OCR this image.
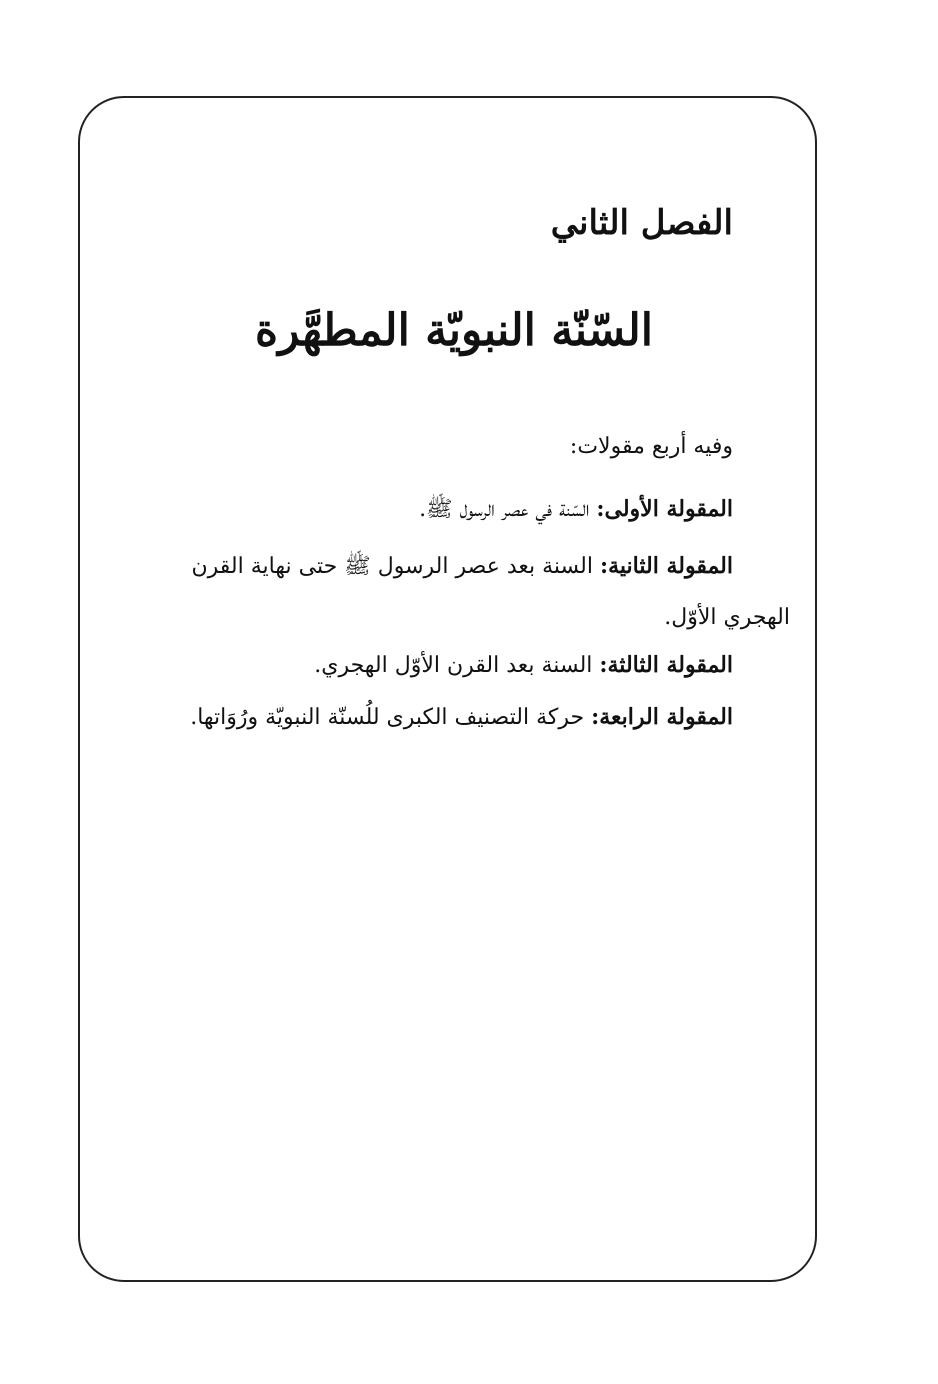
الفصل الثاني
السّنّة النبويّة المطهَّرة

وفيه أربع مقولات:

المقولة الأولى: السّنة في عصر الرسول ﷺ.

المقولة الثانية: السنة بعد عصر الرسول ﷺ حتى نهاية القرن

الهجري الأوّل.

المقولة الثالثة: السنة بعد القرن الأوّل الهجري.

المقولة الرابعة: حركة التصنيف الكبرى للُسنّة النبويّة ورُوَاتها.
